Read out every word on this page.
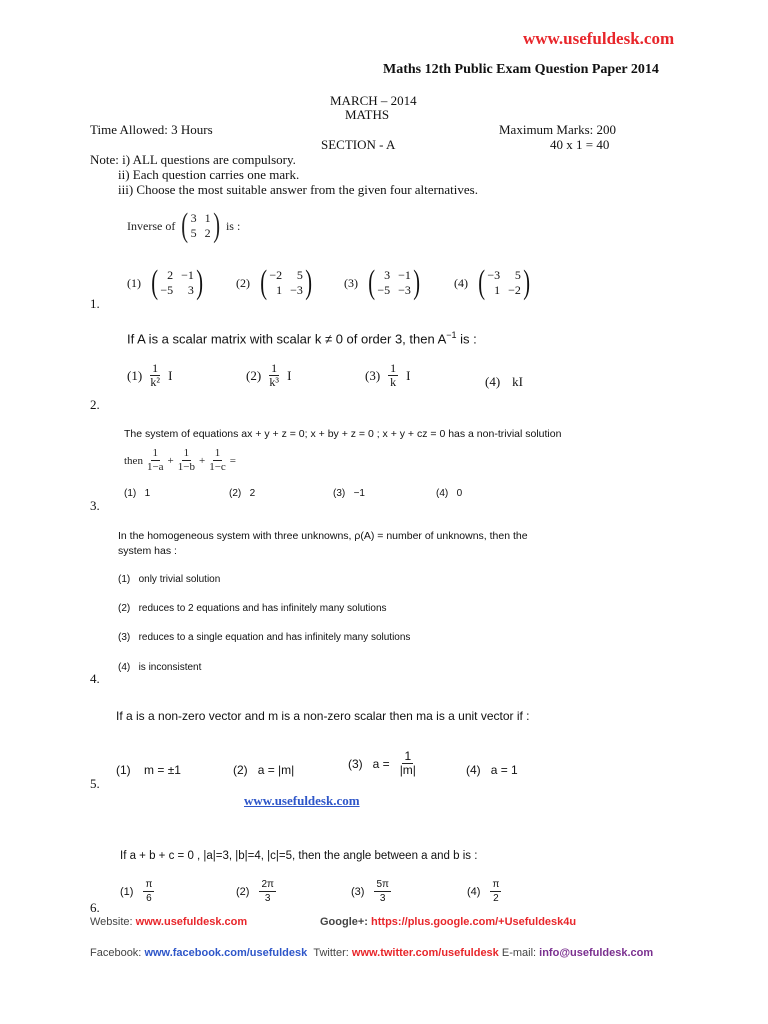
www.usefuldesk.com
Maths 12th Public Exam Question Paper 2014
MARCH – 2014
MATHS
Time Allowed: 3 Hours	Maximum Marks: 200
SECTION - A	40 x 1 = 40
Note: i) ALL questions are compulsory.
ii) Each question carries one mark.
iii) Choose the most suitable answer from the given four alternatives.
Inverse of ( 3 1
5 2 ) is :
(1) ( 2 −1
−5	3 )	(2) ( −2	5
1 −3 )	(3) ( 3 −1
−5 −3 )	(4) ( −3	5
1 −2 )
1.
If A is a scalar matrix with scalar k ≠ 0 of order 3, then $A^{-1}$ is :
$(1) \frac{1}{\text{k²}}$ I	$(2) \frac{1}{\text{k³}}$ I	$(3) \frac{1}{k}$ I	(4) kI
2.
The system of equations ax + y + z = 0; x + by + z = 0 ; x + y + cz = 0 has a non-trivial solution
then $\frac{1}{1-a} + \frac{1}{1-b} + \frac{1}{1-c}$ =
(1) 1	(2) 2	(3) −1	(4) 0
3.
In the homogeneous system with three unknowns, ρ(A) = number of unknowns, then the
system has :
(1) only trivial solution
(2) reduces to 2 equations and has infinitely many solutions
(3) reduces to a single equation and has infinitely many solutions
(4) is inconsistent
4.
If a is a non-zero vector and m is a non-zero scalar then ma is a unit vector if :
(1) m = ±1	(2) a = |m|	(3) $a = \frac{1}{|m|}$	(4) a = 1
5.
www.usefuldesk.com
If a + b + c = 0 , |a|=3, |b|=4, |c|=5, then the angle between a and b is :
$(1) \frac{\pi}{6}$	$(2) \frac{2\pi}{3}$	$(3) \frac{5\pi}{3}$	$(4) \frac{\pi}{2}$
6.
Website: www.usefuldesk.com	Google+: https://plus.google.com/+Usefuldesk4u
Facebook: www.facebook.com/usefuldesk Twitter: www.twitter.com/usefuldesk E-mail: info@usefuldesk.com
